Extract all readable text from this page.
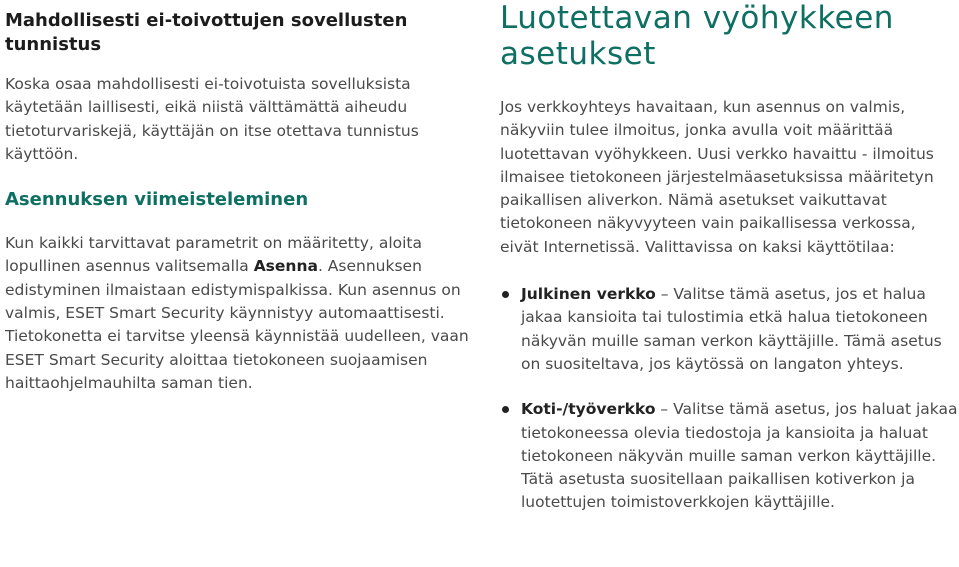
Mahdollisesti ei-toivottujen sovellusten tunnistus

Koska osaa mahdollisesti ei-toivotuista sovelluksista käytetään laillisesti, eikä niistä välttämättä aiheudu tietoturvariskejä, käyttäjän on itse otettava tunnistus käyttöön.

Asennuksen viimeisteleminen

Kun kaikki tarvittavat parametrit on määritetty, aloita lopullinen asennus valitsemalla Asenna. Asennuksen edistyminen ilmaistaan edistymispalkissa. Kun asennus on valmis, ESET Smart Security käynnistyy automaattisesti. Tietokonetta ei tarvitse yleensä käynnistää uudelleen, vaan ESET Smart Security aloittaa tietokoneen suojaamisen haittaohjelmauhilta saman tien.

Luotettavan vyöhykkeen asetukset

Jos verkkoyhteys havaitaan, kun asennus on valmis, näkyviin tulee ilmoitus, jonka avulla voit määrittää luotettavan vyöhykkeen. Uusi verkko havaittu - ilmoitus ilmaisee tietokoneen järjestelmäasetuksissa määritetyn paikallisen aliverkon. Nämä asetukset vaikuttavat tietokoneen näkyvyyteen vain paikallisessa verkossa, eivät Internetissä. Valittavissa on kaksi käyttötilaa:

Julkinen verkko – Valitse tämä asetus, jos et halua jakaa kansioita tai tulostimia etkä halua tietokoneen näkyvän muille saman verkon käyttäjille. Tämä asetus on suositeltava, jos käytössä on langaton yhteys.
Koti-/työverkko – Valitse tämä asetus, jos haluat jakaa tietokoneessa olevia tiedostoja ja kansioita ja haluat tietokoneen näkyvän muille saman verkon käyttäjille. Tätä asetusta suositellaan paikallisen kotiverkon ja luotettujen toimistoverkkojen käyttäjille.
